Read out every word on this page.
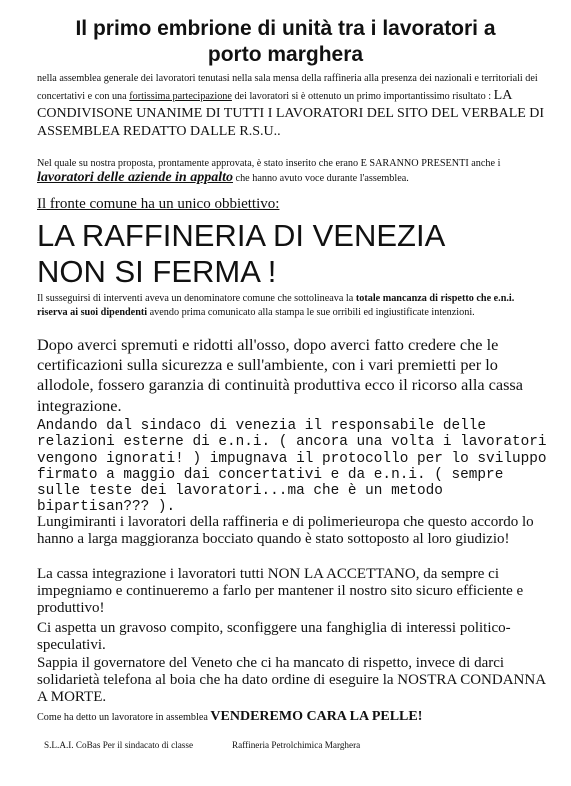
Il primo embrione di unità tra i lavoratori a
porto marghera
nella assemblea generale dei lavoratori tenutasi nella sala mensa della raffineria alla presenza dei nazionali e territoriali dei concertativi e con una fortissima partecipazione dei lavoratori si è ottenuto un primo importantissimo risultato : LA CONDIVISONE UNANIME DI TUTTI I LAVORATORI DEL SITO DEL VERBALE DI ASSEMBLEA REDATTO DALLE R.S.U..
Nel quale su nostra proposta, prontamente approvata, è stato inserito che erano E SARANNO PRESENTI anche i lavoratori delle aziende in appalto che hanno avuto voce durante l'assemblea.
Il fronte comune ha un unico obbiettivo:
LA RAFFINERIA DI VENEZIA
NON SI FERMA !
Il susseguirsi di interventi aveva un denominatore comune che sottolineava la totale mancanza di rispetto che e.n.i. riserva ai suoi dipendenti avendo prima comunicato alla stampa le sue orribili ed ingiustificate intenzioni.
Dopo averci spremuti e ridotti all'osso, dopo averci fatto credere che le certificazioni sulla sicurezza e sull'ambiente, con i vari premietti per lo allodole, fossero garanzia di continuità produttiva ecco il ricorso alla cassa integrazione.
Andando dal sindaco di venezia il responsabile delle relazioni esterne di e.n.i. ( ancora una volta i lavoratori vengono ignorati! ) impugnava il protocollo per lo sviluppo firmato a maggio dai concertativi e da e.n.i. ( sempre sulle teste dei lavoratori...ma che è un metodo bipartisan??? ).
Lungimiranti i lavoratori della raffineria e di polimerieuropa che questo accordo lo hanno a larga maggioranza bocciato quando è stato sottoposto al loro giudizio!
La cassa integrazione i lavoratori tutti NON LA ACCETTANO, da sempre ci impegniamo e continueremo a farlo per mantener il nostro sito sicuro efficiente e produttivo!
Ci aspetta un gravoso compito, sconfiggere una fanghiglia di interessi politico-speculativi.
Sappia il governatore del Veneto che ci ha mancato di rispetto, invece di darci solidarietà telefona al boia che ha dato ordine di eseguire la NOSTRA CONDANNA A MORTE.
Come ha detto un lavoratore in assemblea VENDEREMO CARA LA PELLE!
S.L.A.I. CoBas Per il sindacato di classe	Raffineria Petrolchimica Marghera
